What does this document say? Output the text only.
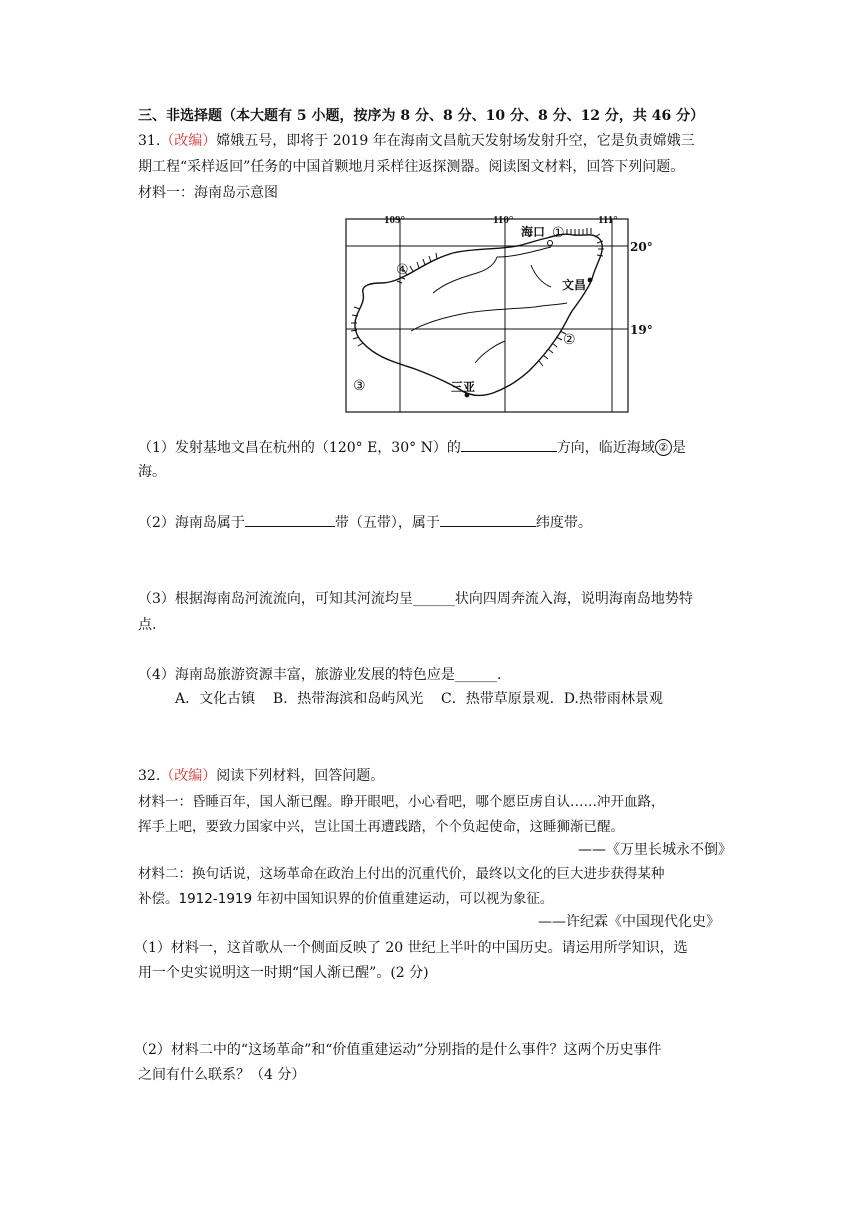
三、非选择题（本大题有 5 小题，按序为 8 分、8 分、10 分、8 分、12 分，共 46 分）
31.（改编）嫦娥五号，即将于 2019 年在海南文昌航天发射场发射升空，它是负责嫦娥三
期工程“采样返回”任务的中国首颗地月采样往返探测器。阅读图文材料，回答下列问题。
材料一：海南岛示意图
109°	110°	111°
海口
文昌
三亚
①
②
③
④
20°
19°
（1）发射基地文昌在杭州的（120° E，30° N）的	方向，临近海域 ② 是
海。
（2）海南岛属于	带（五带），属于	纬度带。
（3）根据海南岛河流流向，可知其河流均呈______状向四周奔流入海，说明海南岛地势特
点.
（4）海南岛旅游资源丰富，旅游业发展的特色应是______.
A．文化古镇    B．热带海滨和岛屿风光    C．热带草原景观．D.热带雨林景观
32.（改编）阅读下列材料，回答问题。
材料一：昏睡百年，国人渐已醒。睁开眼吧，小心看吧，哪个愿臣虏自认……冲开血路，
挥手上吧，要致力国家中兴，岂让国土再遭践踏，个个负起使命，这睡狮渐已醒。
——《万里长城永不倒》
材料二：换句话说，这场革命在政治上付出的沉重代价，最终以文化的巨大进步获得某种
补偿。1912-1919 年初中国知识界的价值重建运动，可以视为象征。
——许纪霖《中国现代化史》
（1）材料一，这首歌从一个侧面反映了 20 世纪上半叶的中国历史。请运用所学知识，选
用一个史实说明这一时期“国人渐已醒”。(2 分)
（2）材料二中的“这场革命”和“价值重建运动”分别指的是什么事件？这两个历史事件
之间有什么联系？（4 分）
